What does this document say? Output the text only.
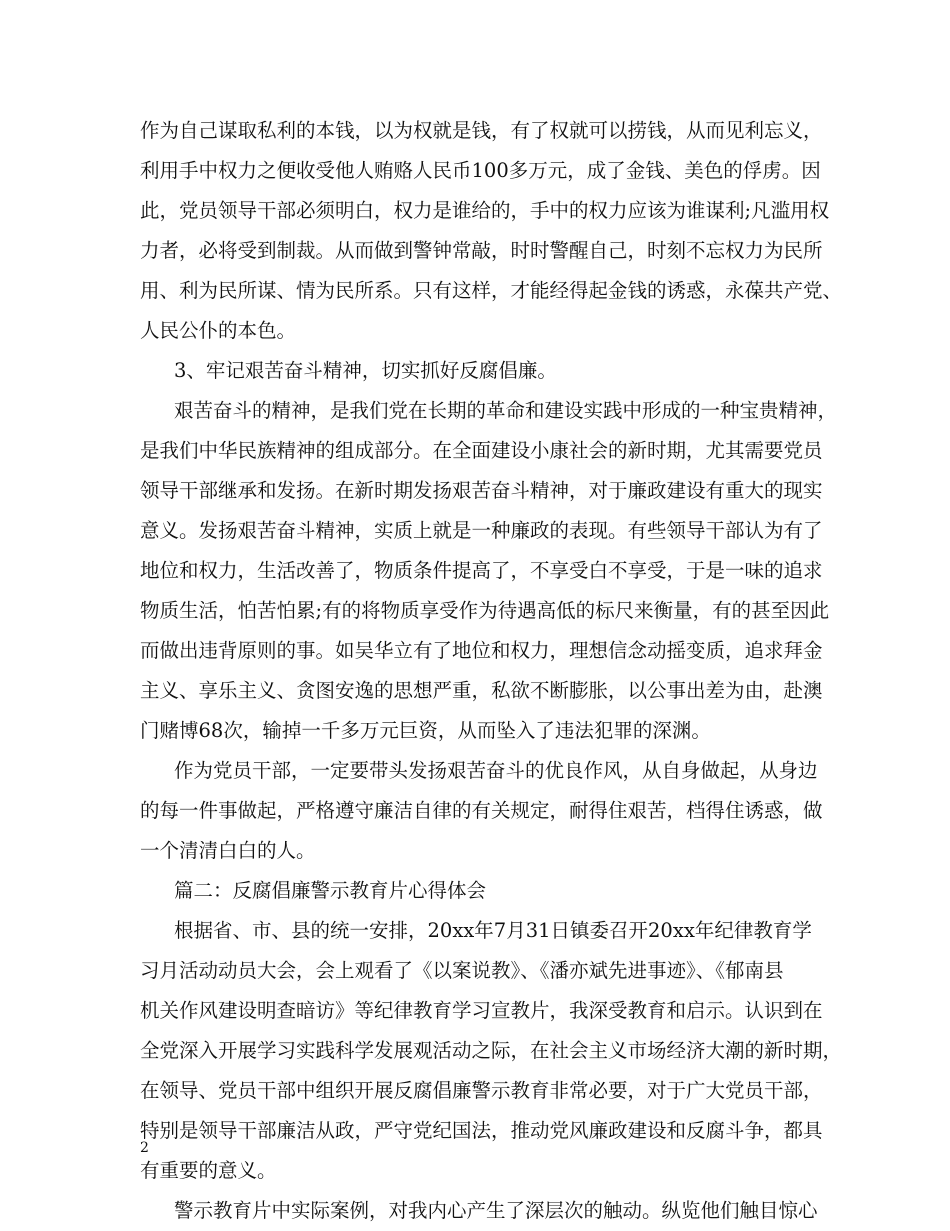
作为自己谋取私利的本钱，以为权就是钱，有了权就可以捞钱，从而见利忘义，
利用手中权力之便收受他人贿赂人民币100多万元，成了金钱、美色的俘虏。因
此，党员领导干部必须明白，权力是谁给的，手中的权力应该为谁谋利;凡滥用权
力者，必将受到制裁。从而做到警钟常敲，时时警醒自己，时刻不忘权力为民所
用、利为民所谋、情为民所系。只有这样，才能经得起金钱的诱惑，永葆共产党、
人民公仆的本色。
3、牢记艰苦奋斗精神，切实抓好反腐倡廉。
艰苦奋斗的精神，是我们党在长期的革命和建设实践中形成的一种宝贵精神，
是我们中华民族精神的组成部分。在全面建设小康社会的新时期，尤其需要党员
领导干部继承和发扬。在新时期发扬艰苦奋斗精神，对于廉政建设有重大的现实
意义。发扬艰苦奋斗精神，实质上就是一种廉政的表现。有些领导干部认为有了
地位和权力，生活改善了，物质条件提高了，不享受白不享受，于是一味的追求
物质生活，怕苦怕累;有的将物质享受作为待遇高低的标尺来衡量，有的甚至因此
而做出违背原则的事。如吴华立有了地位和权力，理想信念动摇变质，追求拜金
主义、享乐主义、贪图安逸的思想严重，私欲不断膨胀，以公事出差为由，赴澳
门赌博68次，输掉一千多万元巨资，从而坠入了违法犯罪的深渊。
作为党员干部，一定要带头发扬艰苦奋斗的优良作风，从自身做起，从身边
的每一件事做起，严格遵守廉洁自律的有关规定，耐得住艰苦，档得住诱惑，做
一个清清白白的人。
篇二：反腐倡廉警示教育片心得体会
根据省、市、县的统一安排，20xx年7月31日镇委召开20xx年纪律教育学
习月活动动员大会，会上观看了《以案说教》、《潘亦斌先进事迹》、《郁南县
机关作风建设明查暗访》等纪律教育学习宣教片，我深受教育和启示。认识到在
全党深入开展学习实践科学发展观活动之际，在社会主义市场经济大潮的新时期，
在领导、党员干部中组织开展反腐倡廉警示教育非常必要，对于广大党员干部，
特别是领导干部廉洁从政，严守党纪国法，推动党风廉政建设和反腐斗争，都具
有重要的意义。
警示教育片中实际案例，对我内心产生了深层次的触动。纵览他们触目惊心
2
